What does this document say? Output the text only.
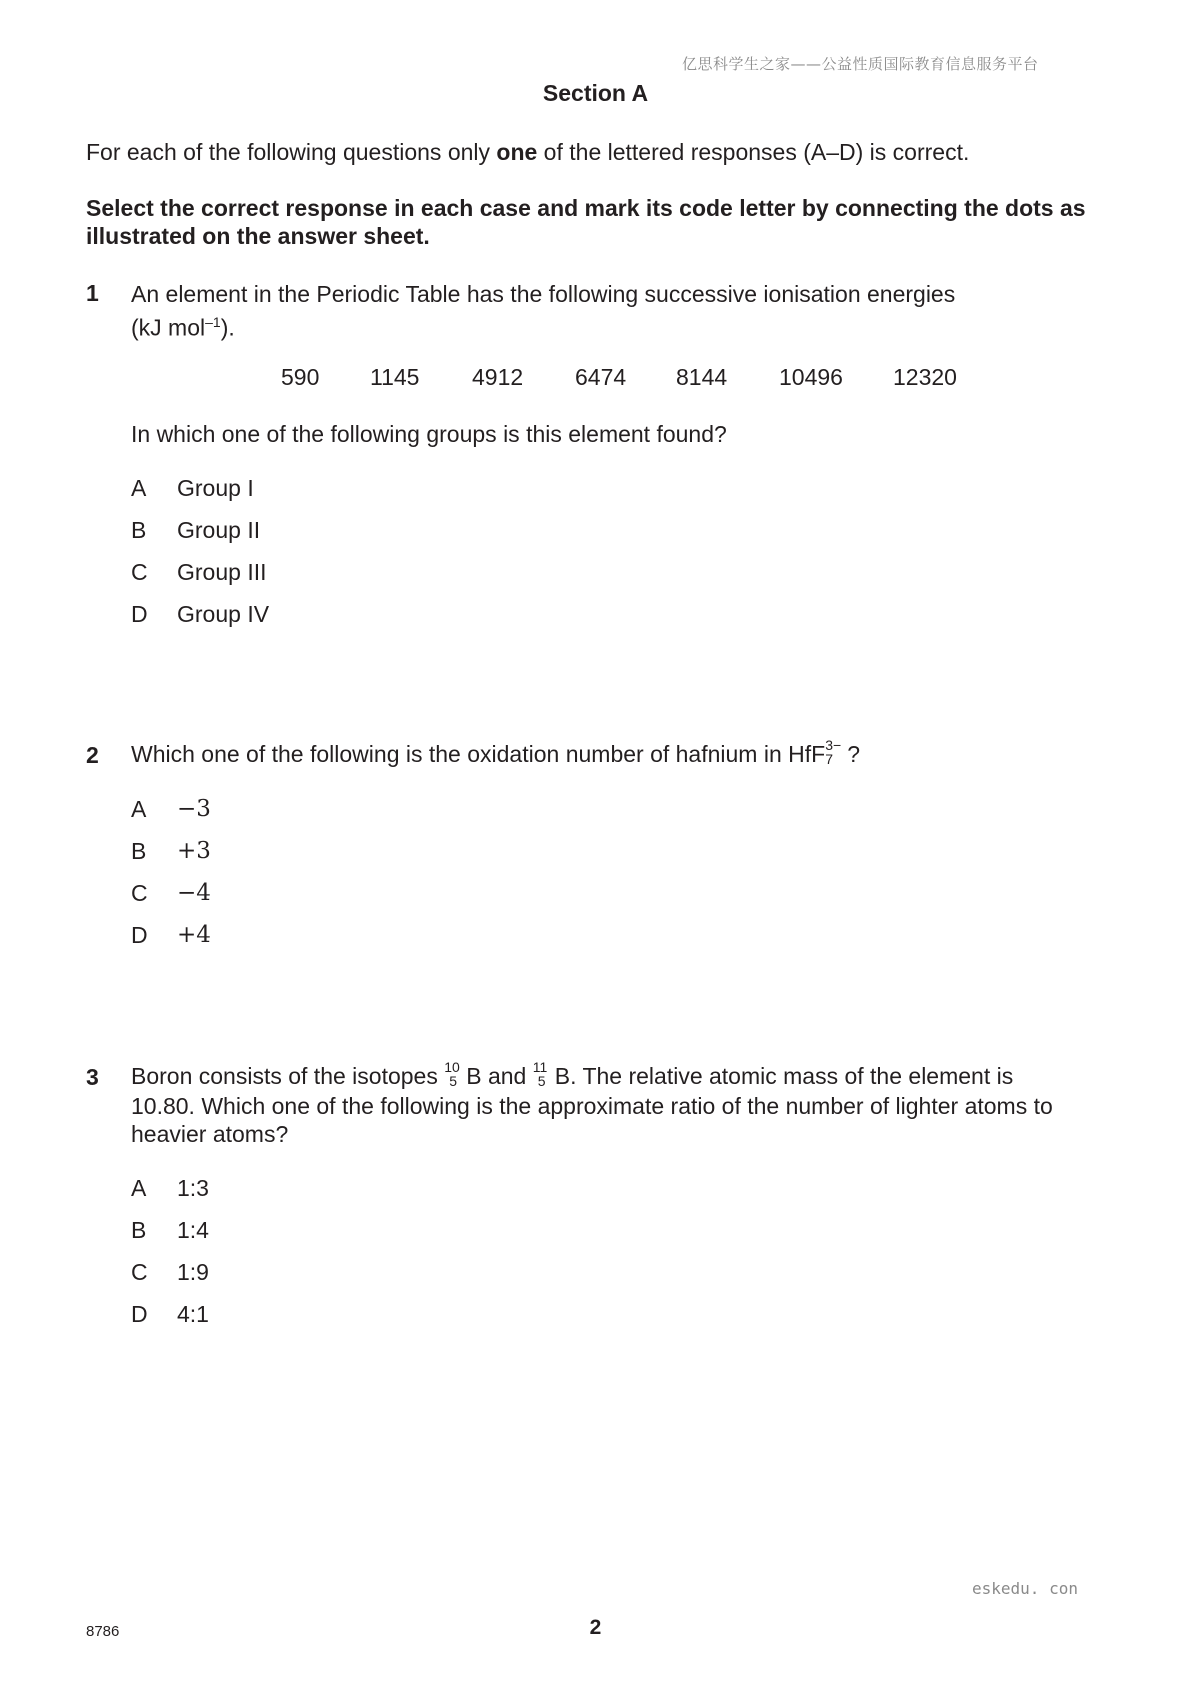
亿思科学生之家——公益性质国际教育信息服务平台
Section A
For each of the following questions only one of the lettered responses (A–D) is correct.
Select the correct response in each case and mark its code letter by connecting the dots as illustrated on the answer sheet.
1 An element in the Periodic Table has the following successive ionisation energies
(kJ mol$^{-1}$).
590 1145 4912 6474 8144 10496 12320
In which one of the following groups is this element found?
A Group I
B Group II
C Group III
D Group IV
2 Which one of the following is the oxidation number of hafnium in HfF 3−
7 ?
A −3
B +3
C −4
D +4
3 Boron consists of the isotopes 10
5 B and 11
5 B. The relative atomic mass of the element is
10.80. Which one of the following is the approximate ratio of the number of lighter atoms to
heavier atoms?
A 1:3
B 1:4
C 1:9
D 4:1
eskedu. con
8786	2
